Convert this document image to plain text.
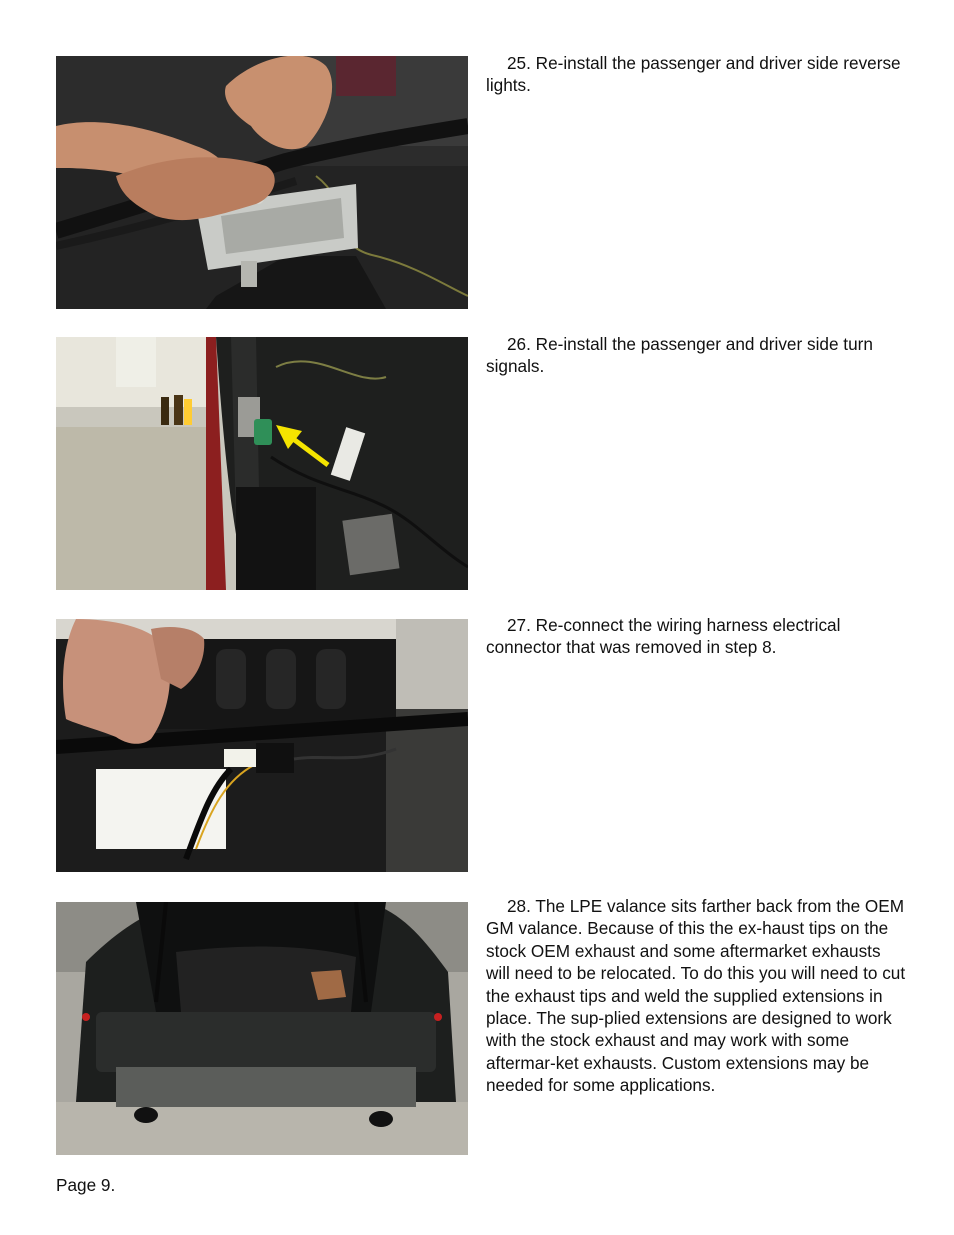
25. Re-install the passenger and driver side reverse lights.

26. Re-install the passenger and driver side turn signals.

27. Re-connect the wiring harness electrical connector that was removed in step 8.

28. The LPE valance sits farther back from the OEM GM valance. Because of this the ex-haust tips on the stock OEM exhaust and some aftermarket exhausts will need to be relocated. To do this you will need to cut the exhaust tips and weld the supplied extensions in place. The sup-plied extensions are designed to work with the stock exhaust and may work with some aftermar-ket exhausts. Custom extensions may be needed for some applications.

Page 9.
